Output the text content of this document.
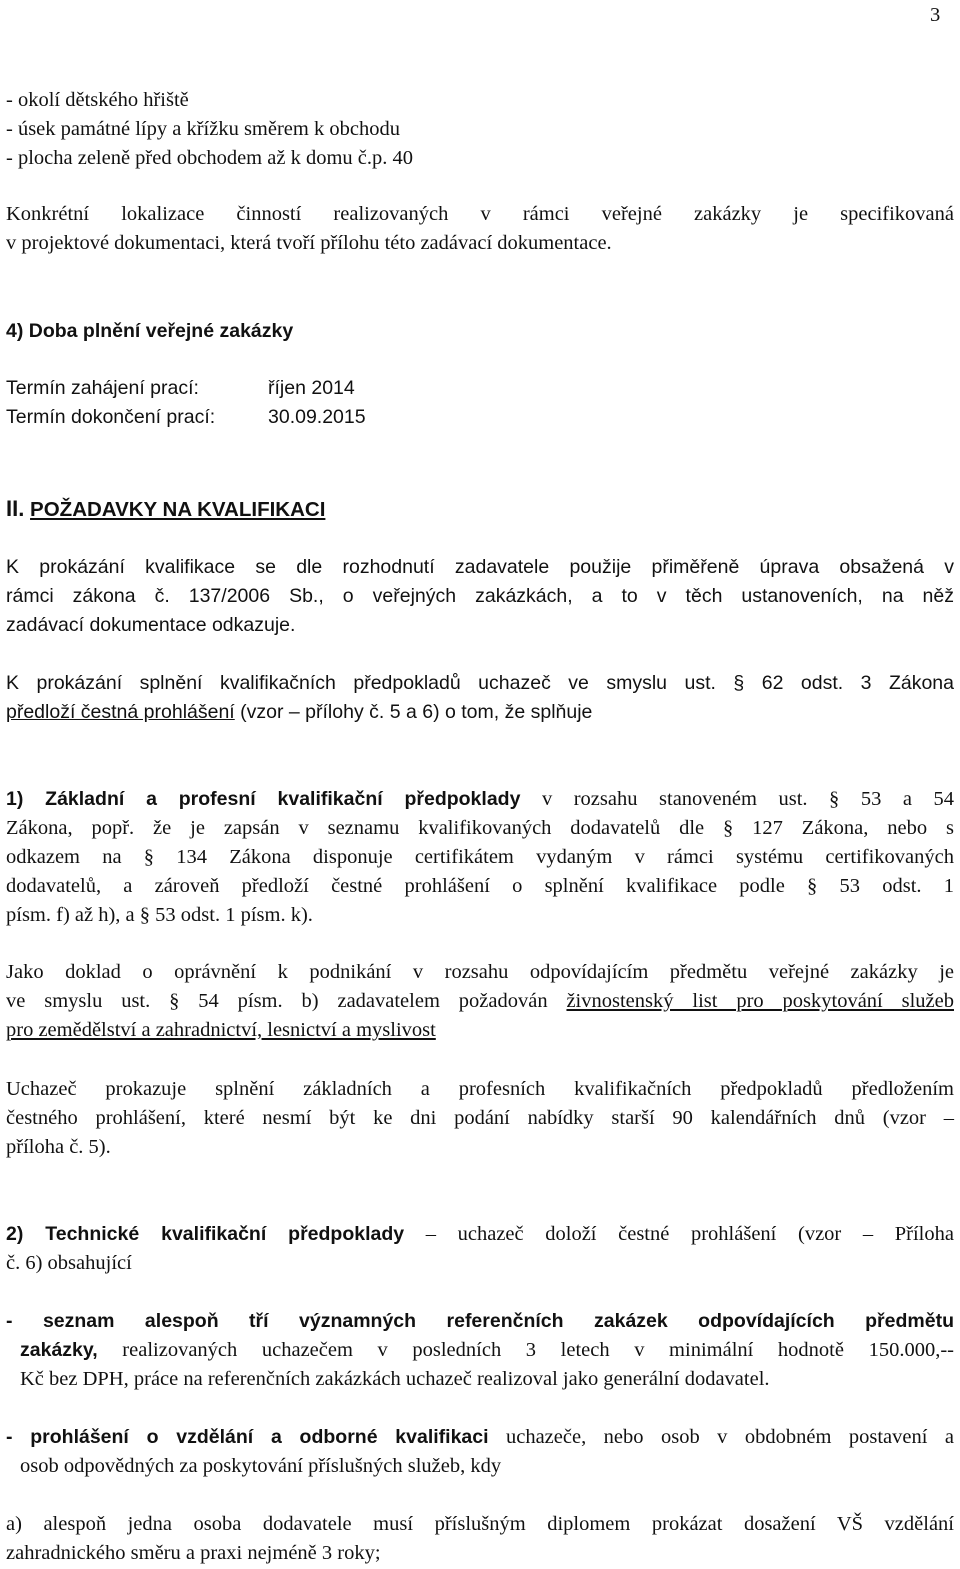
3
- okolí dětského hřiště
- úsek památné lípy a křížku směrem k obchodu
- plocha zeleně před obchodem až k domu č.p. 40
Konkrétní lokalizace činností realizovaných v rámci veřejné zakázky je specifikovaná
v projektové dokumentaci, která tvoří přílohu této zadávací dokumentace.
4) Doba plnění veřejné zakázky
Termín zahájení prací:	říjen 2014
Termín dokončení prací:	30.09.2015
II. POŽADAVKY NA KVALIFIKACI
K prokázání kvalifikace se dle rozhodnutí zadavatele použije přiměřeně úprava obsažená v
rámci zákona č. 137/2006 Sb., o veřejných zakázkách, a to v těch ustanoveních, na něž
zadávací dokumentace odkazuje.
K prokázání splnění kvalifikačních předpokladů uchazeč ve smyslu ust. § 62 odst. 3 Zákona
předloží čestná prohlášení (vzor – přílohy č. 5 a 6) o tom, že splňuje
1) Základní a profesní kvalifikační předpoklady v rozsahu stanoveném ust. § 53 a 54
Zákona, popř. že je zapsán v seznamu kvalifikovaných dodavatelů dle § 127 Zákona, nebo s
odkazem na § 134 Zákona disponuje certifikátem vydaným v rámci systému certifikovaných
dodavatelů, a zároveň předloží čestné prohlášení o splnění kvalifikace podle § 53 odst. 1
písm. f) až h), a § 53 odst. 1 písm. k).
Jako doklad o oprávnění k podnikání v rozsahu odpovídajícím předmětu veřejné zakázky je
ve smyslu ust. § 54 písm. b) zadavatelem požadován živnostenský list pro poskytování služeb
pro zemědělství a zahradnictví, lesnictví a myslivost
Uchazeč prokazuje splnění základních a profesních kvalifikačních předpokladů předložením
čestného prohlášení, které nesmí být ke dni podání nabídky starší 90 kalendářních dnů (vzor –
příloha č. 5).
2) Technické kvalifikační předpoklady – uchazeč doloží čestné prohlášení (vzor – Příloha
č. 6) obsahující
- seznam alespoň tří významných referenčních zakázek odpovídajících předmětu
zakázky, realizovaných uchazečem v posledních 3 letech v minimální hodnotě 150.000,--
Kč bez DPH, práce na referenčních zakázkách uchazeč realizoval jako generální dodavatel.
- prohlášení o vzdělání a odborné kvalifikaci uchazeče, nebo osob v obdobném postavení a
osob odpovědných za poskytování příslušných služeb, kdy
a) alespoň jedna osoba dodavatele musí příslušným diplomem prokázat dosažení VŠ vzdělání
zahradnického směru a praxi nejméně 3 roky;
